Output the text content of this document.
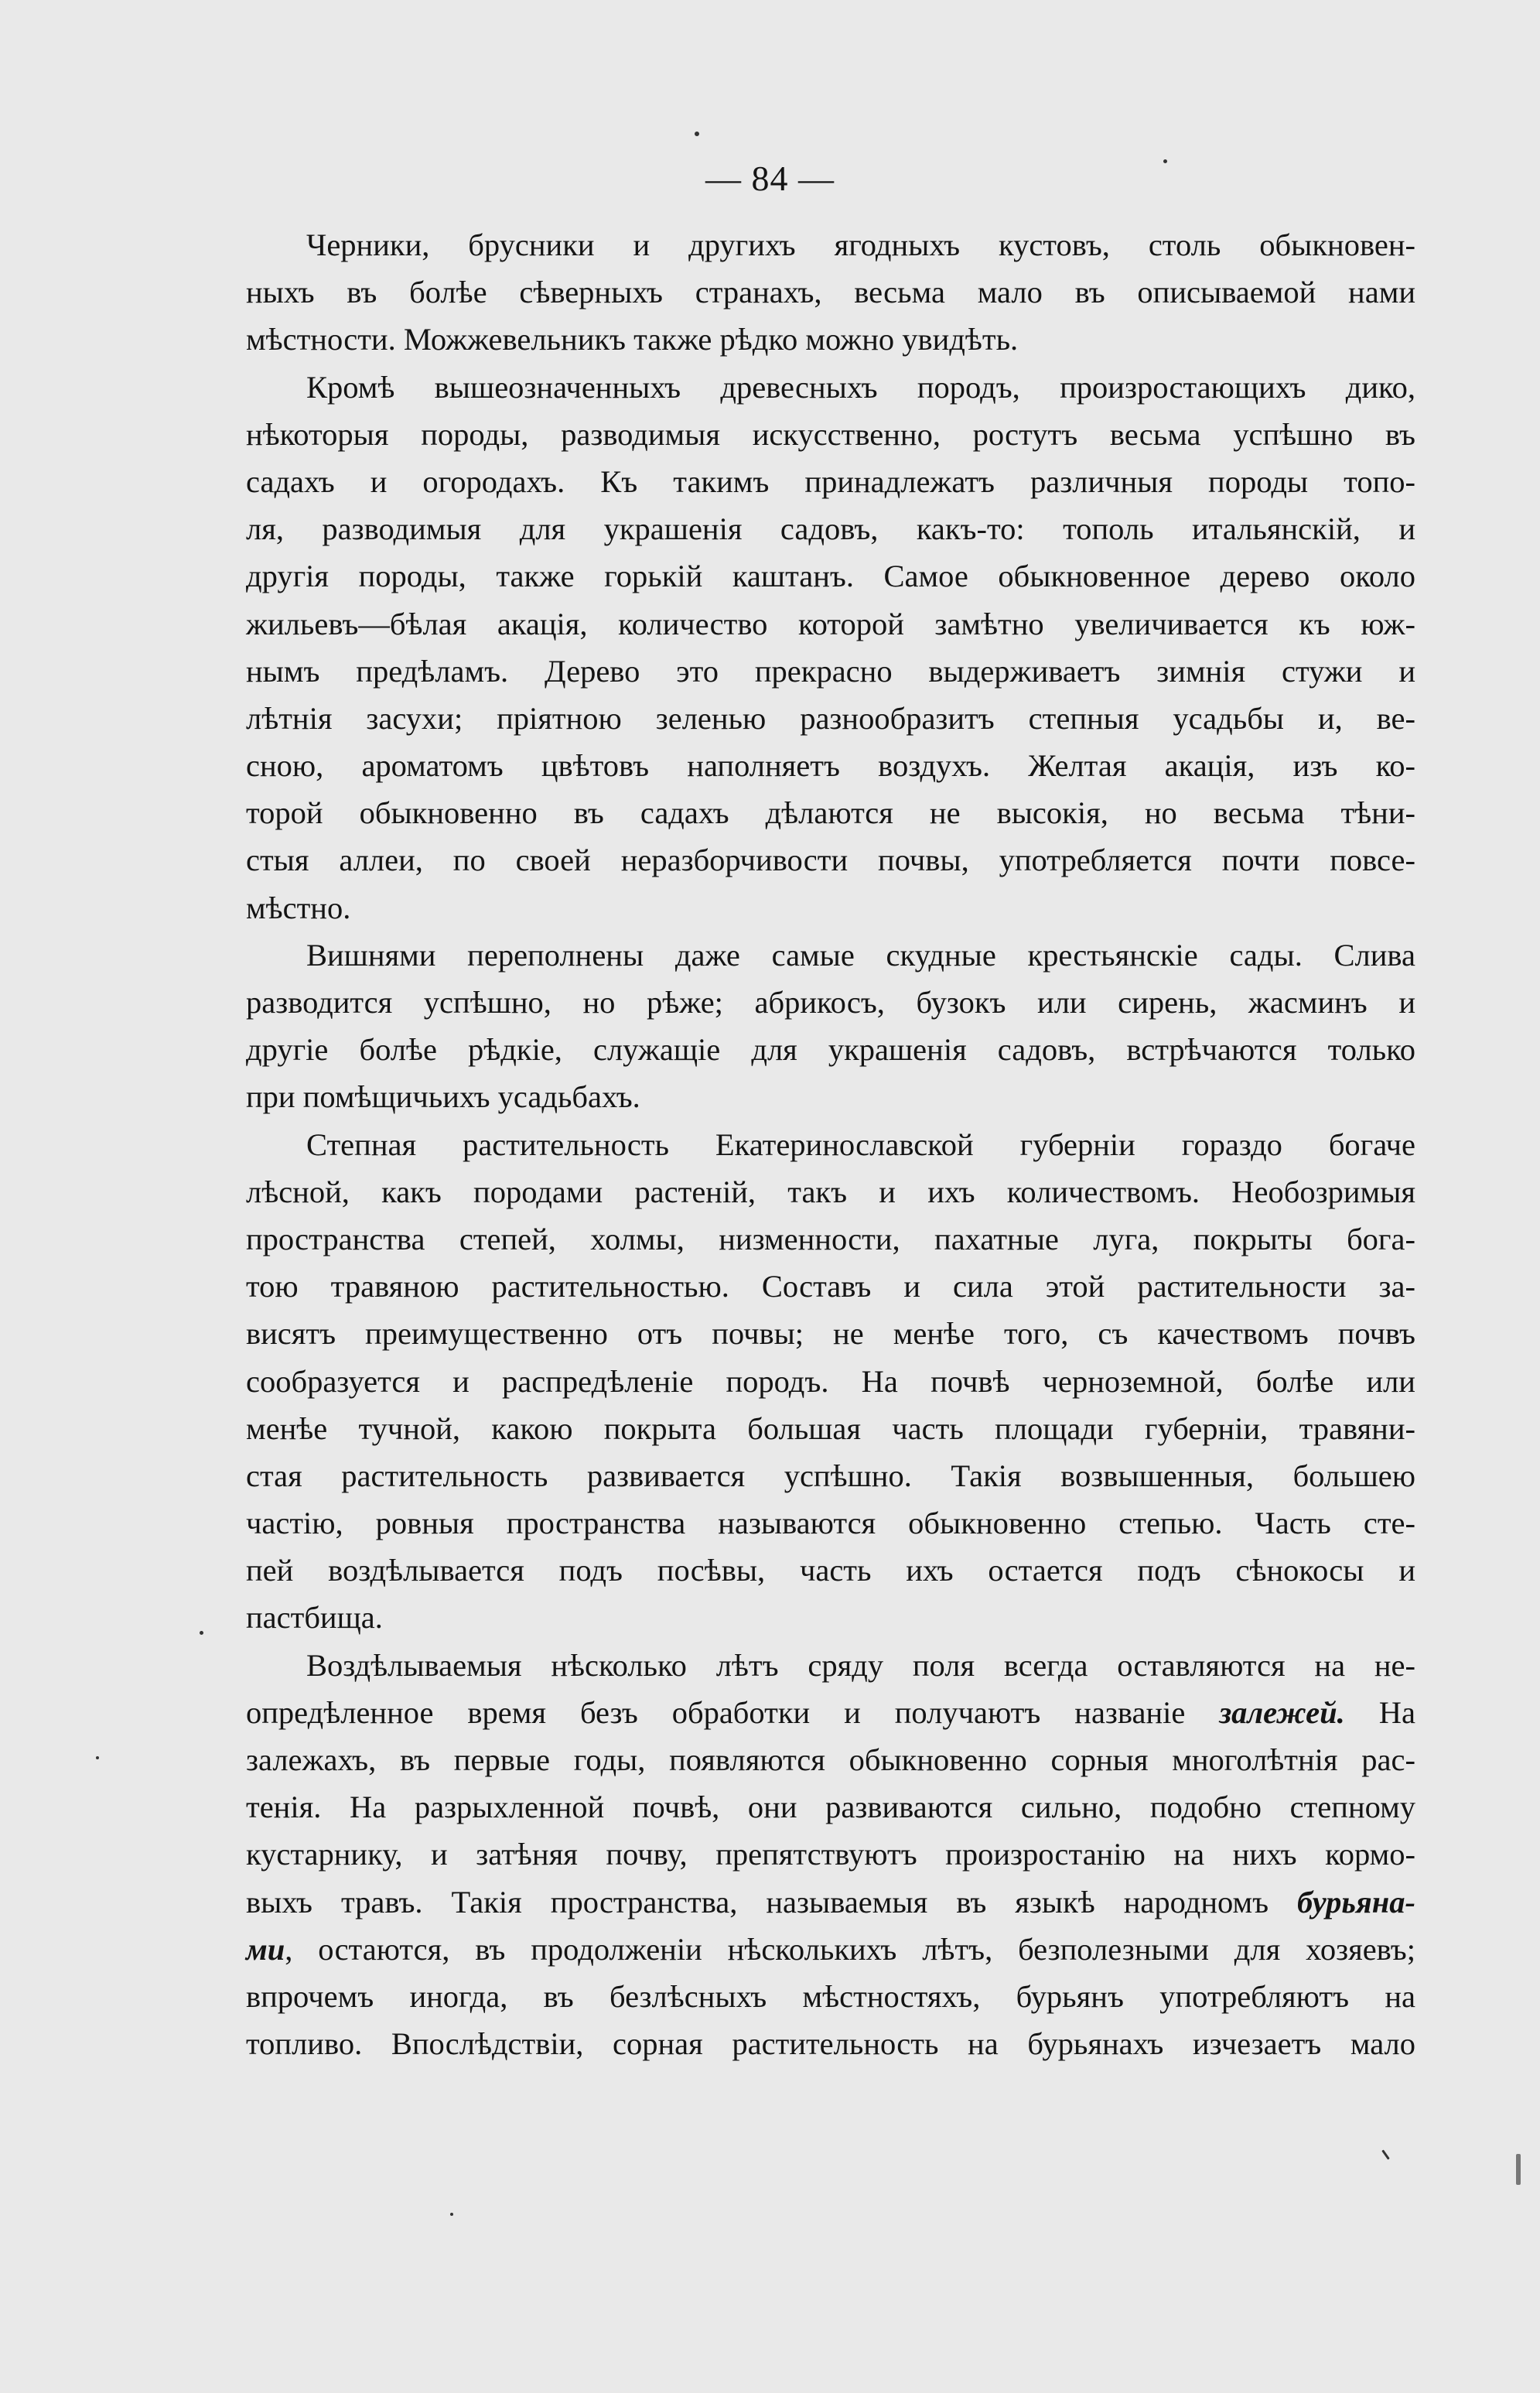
— 84 —
Черники, брусники и другихъ ягодныхъ кустовъ, столь обыкновен-
ныхъ въ болѣе сѣверныхъ странахъ, весьма мало въ описываемой нами
мѣстности. Можжевельникъ также рѣдко можно увидѣть.
Кромѣ вышеозначенныхъ древесныхъ породъ, произростающихъ дико,
нѣкоторыя породы, разводимыя искусственно, ростутъ весьма успѣшно въ
садахъ и огородахъ. Къ такимъ принадлежатъ различныя породы топо-
ля, разводимыя для украшенія садовъ, какъ-то: тополь итальянскій, и
другія породы, также горькій каштанъ. Самое обыкновенное дерево около
жильевъ—бѣлая акація, количество которой замѣтно увеличивается къ юж-
нымъ предѣламъ. Дерево это прекрасно выдерживаетъ зимнія стужи и
лѣтнія засухи; пріятною зеленью разнообразитъ степныя усадьбы и, ве-
сною, ароматомъ цвѣтовъ наполняетъ воздухъ. Желтая акація, изъ ко-
торой обыкновенно въ садахъ дѣлаются не высокія, но весьма тѣни-
стыя аллеи, по своей неразборчивости почвы, употребляется почти повсе-
мѣстно.
Вишнями переполнены даже самые скудные крестьянскіе сады. Слива
разводится успѣшно, но рѣже; абрикосъ, бузокъ или сирень, жасминъ и
другіе болѣе рѣдкіе, служащіе для украшенія садовъ, встрѣчаются только
при помѣщичьихъ усадьбахъ.
Степная растительность Екатеринославской губерніи гораздо богаче
лѣсной, какъ породами растеній, такъ и ихъ количествомъ. Необозримыя
пространства степей, холмы, низменности, пахатные луга, покрыты бога-
тою травяною растительностью. Составъ и сила этой растительности за-
висятъ преимущественно отъ почвы; не менѣе того, съ качествомъ почвъ
сообразуется и распредѣленіе породъ. На почвѣ черноземной, болѣе или
менѣе тучной, какою покрыта большая часть площади губерніи, травяни-
стая растительность развивается успѣшно. Такія возвышенныя, большею
частію, ровныя пространства называются обыкновенно степью. Часть сте-
пей воздѣлывается подъ посѣвы, часть ихъ остается подъ сѣнокосы и
пастбища.
Воздѣлываемыя нѣсколько лѣтъ сряду поля всегда оставляются на не-
опредѣленное время безъ обработки и получаютъ названіе залежей. На
залежахъ, въ первые годы, появляются обыкновенно сорныя многолѣтнія рас-
тенія. На разрыхленной почвѣ, они развиваются сильно, подобно степному
кустарнику, и затѣняя почву, препятствуютъ произростанію на нихъ кормо-
выхъ травъ. Такія пространства, называемыя въ языкѣ народномъ бурьяна-
ми, остаются, въ продолженіи нѣсколькихъ лѣтъ, безполезными для хозяевъ;
впрочемъ иногда, въ безлѣсныхъ мѣстностяхъ, бурьянъ употребляютъ на
топливо. Впослѣдствіи, сорная растительность на бурьянахъ изчезаетъ мало
